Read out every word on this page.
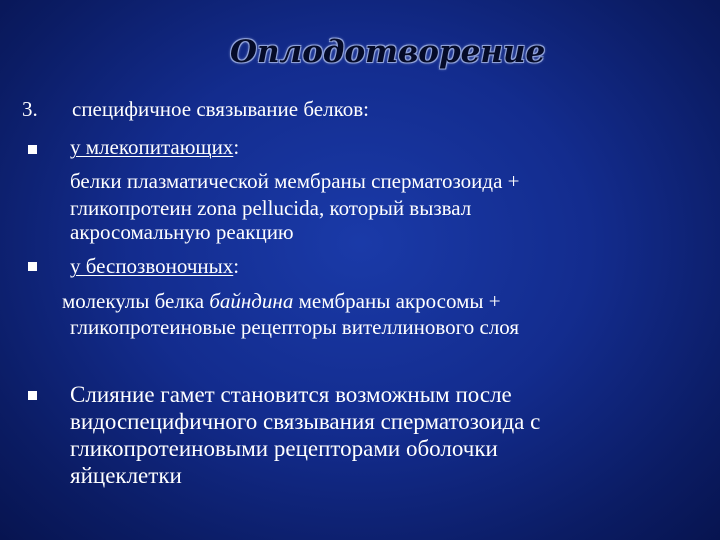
Оплодотворение
3. специфичное связывание белков:
у млекопитающих:
белки плазматической мембраны сперматозоида +
гликопротеин zona pellucida, который вызвал
акросомальную реакцию
у беспозвоночных:
молекулы белка байндина мембраны акросомы +
гликопротеиновые рецепторы вителлинового слоя
Слияние гамет становится возможным после
видоспецифичного связывания сперматозоида с
гликопротеиновыми рецепторами оболочки
яйцеклетки
